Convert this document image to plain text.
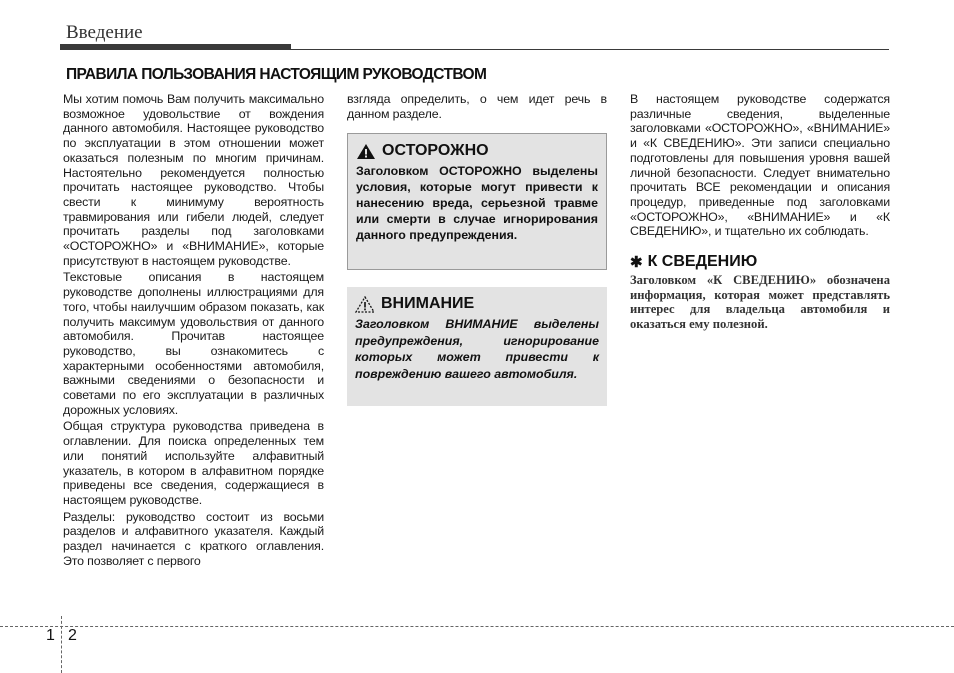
Введение
ПРАВИЛА ПОЛЬЗОВАНИЯ НАСТОЯЩИМ РУКОВОДСТВОМ

Мы хотим помочь Вам получить максимально возможное удовольствие от вождения данного автомобиля. Настоящее руководство по эксплуатации в этом отношении может оказаться полезным по многим причинам. Настоятельно рекомендуется полностью прочитать настоящее руководство. Чтобы свести к минимуму вероятность травмирования или гибели людей, следует прочитать разделы под заголовками «ОСТОРОЖНО» и «ВНИМАНИЕ», которые присутствуют в настоящем руководстве.

Текстовые описания в настоящем руководстве дополнены иллюстрациями для того, чтобы наилучшим образом показать, как получить максимум удовольствия от данного автомобиля. Прочитав настоящее руководство, вы ознакомитесь с характерными особенностями автомобиля, важными сведениями о безопасности и советами по его эксплуатации в различных дорожных условиях.

Общая структура руководства приведена в оглавлении. Для поиска определенных тем или понятий используйте алфавитный указатель, в котором в алфавитном порядке приведены все сведения, содержащиеся в настоящем руководстве.

Разделы: руководство состоит из восьми разделов и алфавитного указателя. Каждый раздел начинается с краткого оглавления. Это позволяет с первого

взгляда определить, о чем идет речь в данном разделе.

ОСТОРОЖНО

Заголовком ОСТОРОЖНО выделены условия, которые могут привести к нанесению вреда, серьезной травме или смерти в случае игнорирования данного предупреждения.

ВНИМАНИЕ

Заголовком ВНИМАНИЕ выделены предупреждения, игнорирование которых может привести к повреждению вашего автомобиля.

В настоящем руководстве содержатся различные сведения, выделенные заголовками «ОСТОРОЖНО», «ВНИМАНИЕ» и «К СВЕДЕНИЮ». Эти записи специально подготовлены для повышения уровня вашей личной безопасности. Следует внимательно прочитать ВСЕ рекомендации и описания процедур, приведенные под заголовками «ОСТОРОЖНО», «ВНИМАНИЕ» и «К СВЕДЕНИЮ», и тщательно их соблюдать.

✱ К СВЕДЕНИЮ

Заголовком «К СВЕДЕНИЮ» обозначена информация, которая может представлять интерес для владельца автомобиля и оказаться ему полезной.

1 2
